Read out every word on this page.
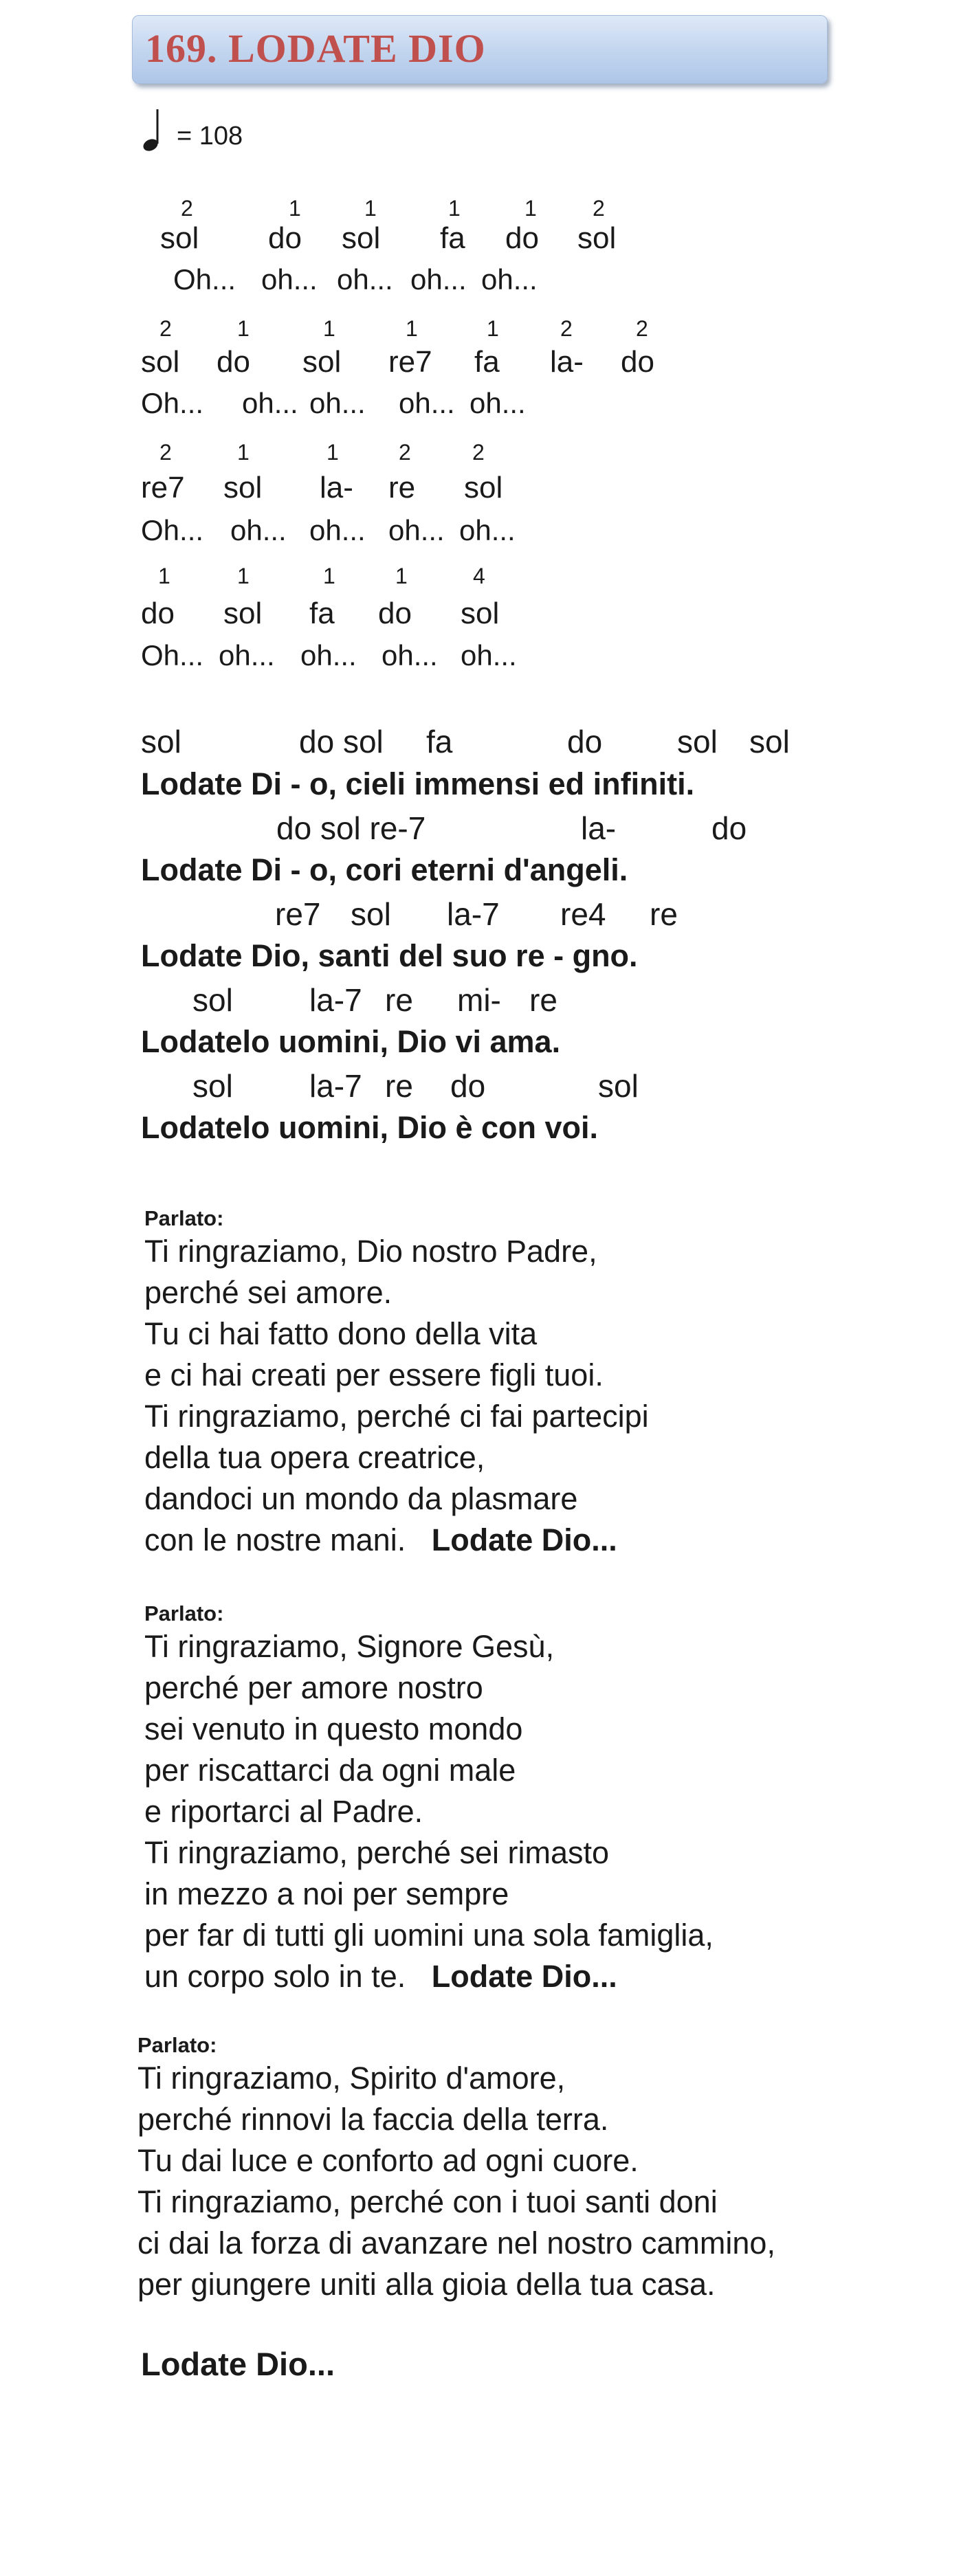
169. LODATE DIO
= 108
2	1	1	1	1	2
sol do sol fa do sol
Oh... oh... oh... oh... oh...
2	1	1	1	1	2	2
sol do sol re7 fa la- do
Oh... oh... oh... oh... oh...
2	1	1	2	2
re7 sol la- re sol
Oh... oh... oh... oh... oh...
1	1	1	1	4
do sol fa do sol
Oh... oh... oh... oh... oh...
sol	do sol fa	do sol sol
Lodate Di - o, cieli immensi ed infiniti.
do sol re-7	la-	do
Lodate Di - o, cori eterni d'angeli.
re7 sol la-7 re4 re
Lodate Dio, santi del suo re - gno.
sol la-7 re mi- re
Lodatelo uomini, Dio vi ama.
sol la-7 re do	sol
Lodatelo uomini, Dio è con voi.
Parlato:
Ti ringraziamo, Dio nostro Padre,
perché sei amore.
Tu ci hai fatto dono della vita
e ci hai creati per essere figli tuoi.
Ti ringraziamo, perché ci fai partecipi
della tua opera creatrice,
dandoci un mondo da plasmare
con le nostre mani. Lodate Dio...
Parlato:
Ti ringraziamo, Signore Gesù,
perché per amore nostro
sei venuto in questo mondo
per riscattarci da ogni male
e riportarci al Padre.
Ti ringraziamo, perché sei rimasto
in mezzo a noi per sempre
per far di tutti gli uomini una sola famiglia,
un corpo solo in te. Lodate Dio...
Parlato:
Ti ringraziamo, Spirito d'amore,
perché rinnovi la faccia della terra.
Tu dai luce e conforto ad ogni cuore.
Ti ringraziamo, perché con i tuoi santi doni
ci dai la forza di avanzare nel nostro cammino,
per giungere uniti alla gioia della tua casa.
Lodate Dio...
